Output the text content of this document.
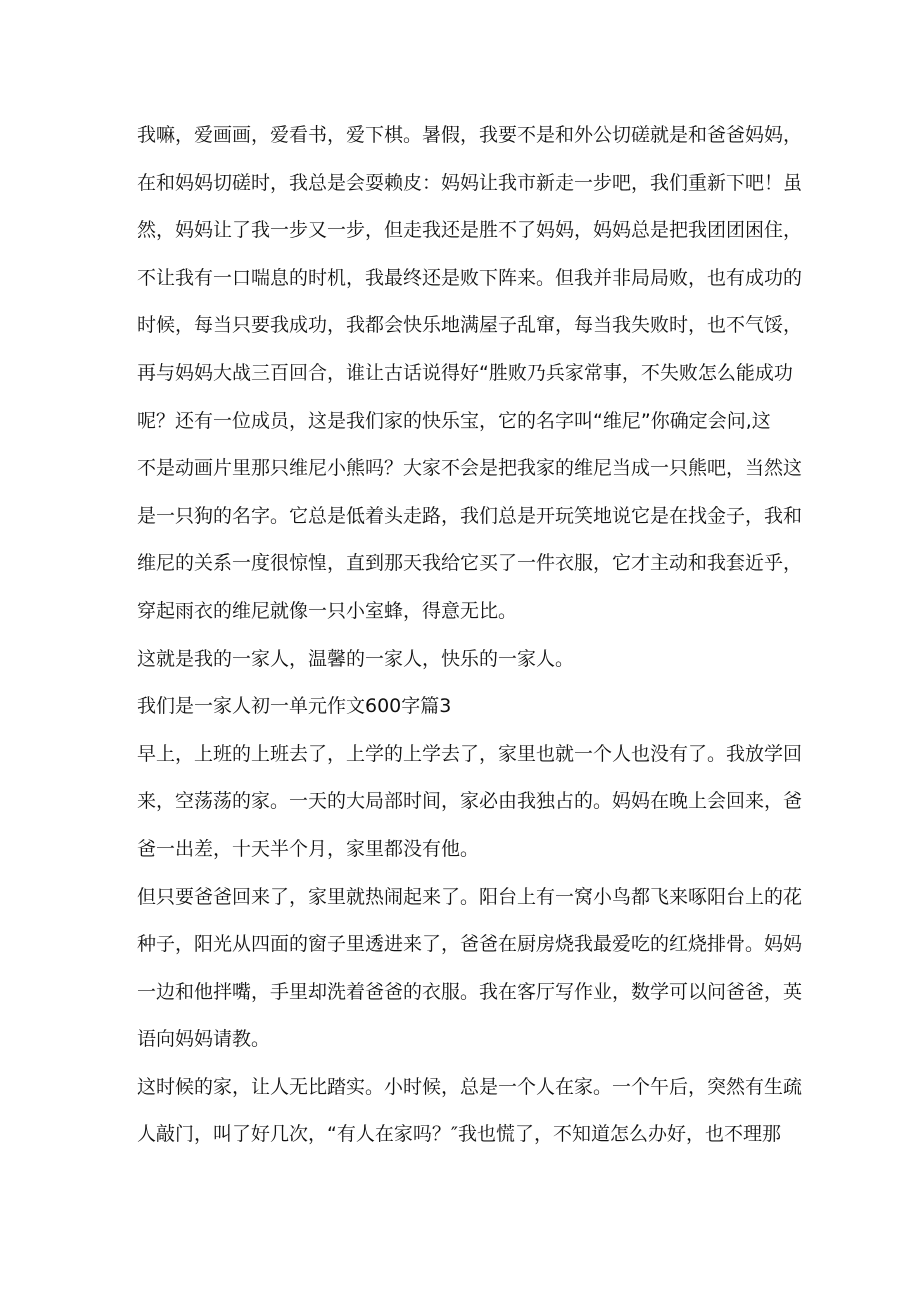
我嘛，爱画画，爱看书，爱下棋。暑假，我要不是和外公切磋就是和爸爸妈妈，
在和妈妈切磋时，我总是会耍赖皮：妈妈让我市新走一步吧，我们重新下吧！虽
然，妈妈让了我一步又一步，但走我还是胜不了妈妈，妈妈总是把我团团困住，
不让我有一口喘息的时机，我最终还是败下阵来。但我并非局局败，也有成功的
时候，每当只要我成功，我都会快乐地满屋子乱窜，每当我失败时，也不气馁，
再与妈妈大战三百回合，谁让古话说得好“胜败乃兵家常事，不失败怎么能成功
呢？还有一位成员，这是我们家的快乐宝，它的名字叫“维尼”你确定会问,这
不是动画片里那只维尼小熊吗？大家不会是把我家的维尼当成一只熊吧，当然这
是一只狗的名字。它总是低着头走路，我们总是开玩笑地说它是在找金子，我和
维尼的关系一度很惊惶，直到那天我给它买了一件衣服，它才主动和我套近乎，
穿起雨衣的维尼就像一只小室蜂，得意无比。
这就是我的一家人，温馨的一家人，快乐的一家人。
我们是一家人初一单元作文600字篇3
早上，上班的上班去了，上学的上学去了，家里也就一个人也没有了。我放学回
来，空荡荡的家。一天的大局部时间，家必由我独占的。妈妈在晚上会回来，爸
爸一出差，十天半个月，家里都没有他。
但只要爸爸回来了，家里就热闹起来了。阳台上有一窝小鸟都飞来啄阳台上的花
种子，阳光从四面的窗子里透进来了，爸爸在厨房烧我最爱吃的红烧排骨。妈妈
一边和他拌嘴，手里却洗着爸爸的衣服。我在客厅写作业，数学可以问爸爸，英
语向妈妈请教。
这时候的家，让人无比踏实。小时候，总是一个人在家。一个午后，突然有生疏
人敲门，叫了好几次，“有人在家吗？″我也慌了，不知道怎么办好，也不理那
